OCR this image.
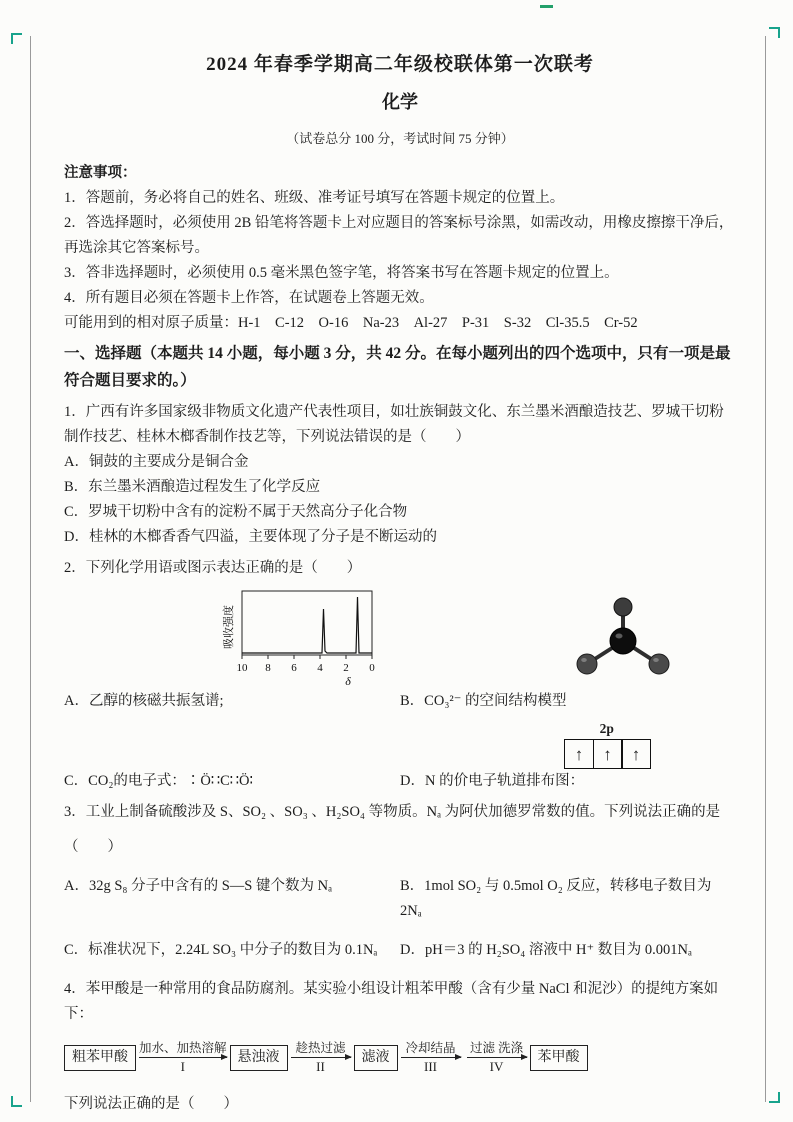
2024 年春季学期高二年级校联体第一次联考
化学
（试卷总分 100 分，考试时间 75 分钟）
注意事项：

1．答题前，务必将自己的姓名、班级、准考证号填写在答题卡规定的位置上。

2．答选择题时，必须使用 2B 铅笔将答题卡上对应题目的答案标号涂黑，如需改动，用橡皮擦擦干净后，再选涂其它答案标号。

3．答非选择题时，必须使用 0.5 毫米黑色签字笔，将答案书写在答题卡规定的位置上。

4．所有题目必须在答题卡上作答，在试题卷上答题无效。

可能用到的相对原子质量：H-1　C-12　O-16　Na-23　Al-27　P-31　S-32　Cl-35.5　Cr-52

一、选择题（本题共 14 小题，每小题 3 分，共 42 分。在每小题列出的四个选项中，只有一项是最符合题目要求的。）

1．广西有许多国家级非物质文化遗产代表性项目，如壮族铜鼓文化、东兰墨米酒酿造技艺、罗城干切粉制作技艺、桂林木榔香制作技艺等，下列说法错误的是（　　）

A．铜鼓的主要成分是铜合金

B．东兰墨米酒酿造过程发生了化学反应

C．罗城干切粉中含有的淀粉不属于天然高分子化合物

D．桂林的木榔香香气四溢，主要体现了分子是不断运动的

2．下列化学用语或图示表达正确的是（　　）

吸收强度
10 8 6 4 2 0
δ
A．乙醇的核磁共振氢谱;	B．CO₃²⁻ 的空间结构模型
2p
↑	↑	↑
C．CO₂的电子式：∶Ö∷C∷Ö∶	D．N 的价电子轨道排布图：

3．工业上制备硫酸涉及 S、SO₂ 、SO₃ 、H₂SO₄ 等物质。Nₐ 为阿伏加德罗常数的值。下列说法正确的是

（　　）

A．32g S₈ 分子中含有的 S—S 键个数为 Nₐ	B．1mol SO₂ 与 0.5mol O₂ 反应，转移电子数目为 2Nₐ
C．标准状况下，2.24L SO₃ 中分子的数目为 0.1Nₐ	D．pH＝3 的 H₂SO₄ 溶液中 H⁺ 数目为 0.001Nₐ

4．苯甲酸是一种常用的食品防腐剂。某实验小组设计粗苯甲酸（含有少量 NaCl 和泥沙）的提纯方案如下：

粗苯甲酸
加水、加热溶解
I
悬浊液
趁热过滤
II
滤液
冷却结晶
III
过滤 洗涤
IV
苯甲酸

下列说法正确的是（　　）
